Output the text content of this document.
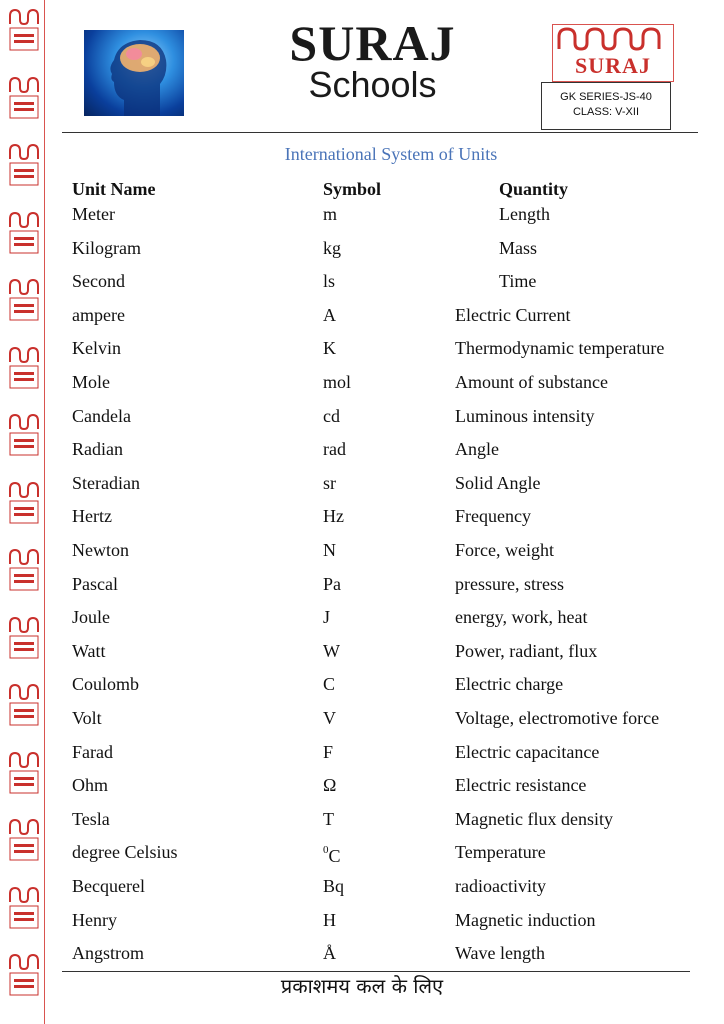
SURAJ
Schools	SURAJ
GK SERIES-JS-40
CLASS: V-XII
International System of Units
Unit Name	Symbol	Quantity
Meter	m	Length
Kilogram	kg	Mass
Second	ls	Time
ampere	A	Electric Current
Kelvin	K	Thermodynamic temperature
Mole	mol	Amount of substance
Candela	cd	Luminous intensity
Radian	rad	Angle
Steradian	sr	Solid Angle
Hertz	Hz	Frequency
Newton	N	Force, weight
Pascal	Pa	pressure, stress
Joule	J	energy, work, heat
Watt	W	Power, radiant, flux
Coulomb	C	Electric charge
Volt	V	Voltage, electromotive force
Farad	F	Electric capacitance
Ohm	Ω	Electric resistance
Tesla	T	Magnetic flux density
degree Celsius	$^0$C	Temperature
Becquerel	Bq	radioactivity
Henry	H	Magnetic induction
Angstrom	Å	Wave length
प्रकाशमय कल के लिए
